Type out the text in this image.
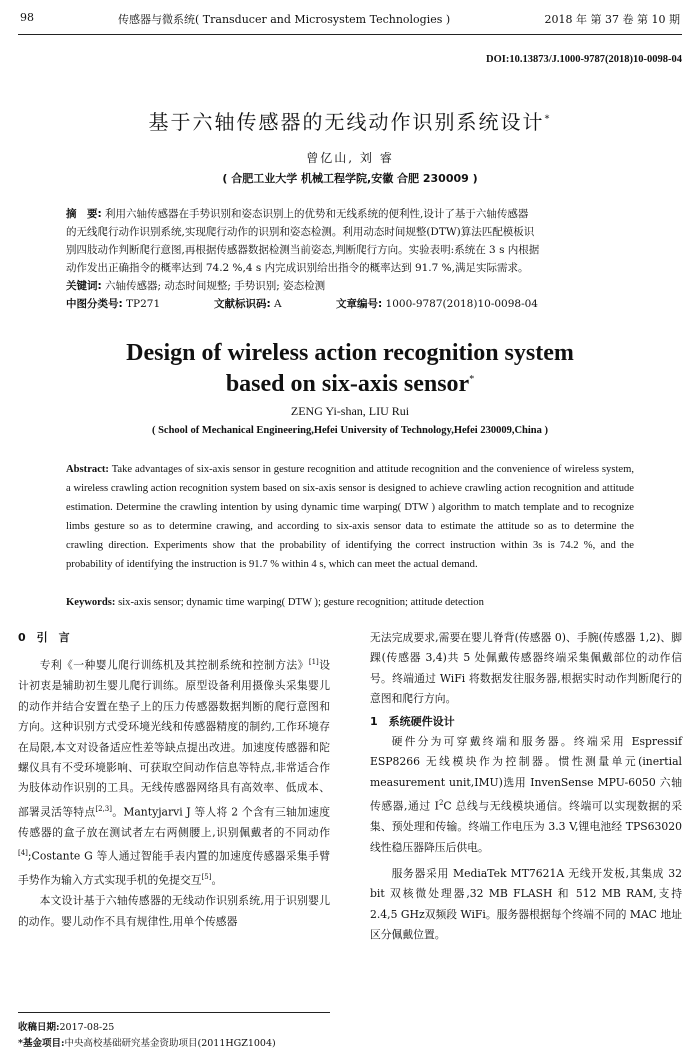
98	传感器与微系统( Transducer and Microsystem Technologies )	2018 年 第 37 卷 第 10 期
DOI:10.13873/J.1000-9787(2018)10-0098-04
基于六轴传感器的无线动作识别系统设计*
曾亿山, 刘 睿
( 合肥工业大学 机械工程学院,安徽 合肥 230009 )
摘　要: 利用六轴传感器在手势识别和姿态识别上的优势和无线系统的便利性,设计了基于六轴传感器
的无线爬行动作识别系统,实现爬行动作的识别和姿态检测。利用动态时间规整(DTW)算法匹配模板识
别四肢动作判断爬行意图,再根据传感器数据检测当前姿态,判断爬行方向。实验表明:系统在 3 s 内根据
动作发出正确指令的概率达到 74.2 %,4 s 内完成识别给出指令的概率达到 91.7 %,满足实际需求。
关键词: 六轴传感器; 动态时间规整; 手势识别; 姿态检测
中图分类号: TP271	文献标识码: A	文章编号: 1000-9787(2018)10-0098-04
Design of wireless action recognition system
based on six-axis sensor*
ZENG Yi-shan, LIU Rui
( School of Mechanical Engineering,Hefei University of Technology,Hefei 230009,China )
Abstract: Take advantages of six-axis sensor in gesture recognition and attitude recognition and the convenience of wireless system, a wireless crawling action recognition system based on six-axis sensor is designed to achieve crawling action recognition and attitude estimation. Determine the crawling intention by using dynamic time warping( DTW ) algorithm to match template and to recognize limbs gesture so as to determine crawing, and according to six-axis sensor data to estimate the attitude so as to determine the crawling direction. Experiments show that the probability of identifying the correct instruction within 3s is 74.2 %, and the probability of identifying the instruction is 91.7 % within 4 s, which can meet the actual demand.
Keywords: six-axis sensor; dynamic time warping( DTW ); gesture recognition; attitude detection
0　引　言

专利《一种婴儿爬行训练机及其控制系统和控制方法》[1]设计初衷是辅助初生婴儿爬行训练。原型设备利用摄像头采集婴儿的动作并结合安置在垫子上的压力传感器数据判断的爬行意图和方向。这种识别方式受环境光线和传感器精度的制约,工作环境存在局限,本文对设备适应性差等缺点提出改进。加速度传感器和陀螺仪具有不受环境影响、可获取空间动作信息等特点,非常适合作为肢体动作识别的工具。无线传感器网络具有高效率、低成本、部署灵活等特点[2,3]。Mantyjarvi J 等人将 2 个含有三轴加速度传感器的盒子放在测试者左右两侧腰上,识别佩戴者的不同动作[4];Costante G 等人通过智能手表内置的加速度传感器采集手臂手势作为输入方式实现手机的免提交互[5]。

本文设计基于六轴传感器的无线动作识别系统,用于识别婴儿的动作。婴儿动作不具有规律性,用单个传感器

无法完成要求,需要在婴儿脊背(传感器 0)、手腕(传感器 1,2)、脚踝(传感器 3,4)共 5 处佩戴传感器终端采集佩戴部位的动作信号。终端通过 WiFi 将数据发往服务器,根据实时动作判断爬行的意图和爬行方向。
1　系统硬件设计

硬件分为可穿戴终端和服务器。终端采用 Espressif ESP8266 无线模块作为控制器。惯性测量单元(inertial measurement unit,IMU)选用 InvenSense MPU-6050 六轴传感器,通过 $I^2C$ 总线与无线模块通信。终端可以实现数据的采集、预处理和传输。终端工作电压为 3.3 V,锂电池经 TPS63020 线性稳压器降压后供电。

服务器采用 MediaTek MT7621A 无线开发板,其集成 32 bit 双核微处理器,32 MB FLASH 和 512 MB RAM,支持 2.4,5 GHz双频段 WiFi。服务器根据每个终端不同的 MAC 地址区分佩戴位置。

收稿日期:2017-08-25
*基金项目:中央高校基础研究基金资助项目(2011HGZ1004)
